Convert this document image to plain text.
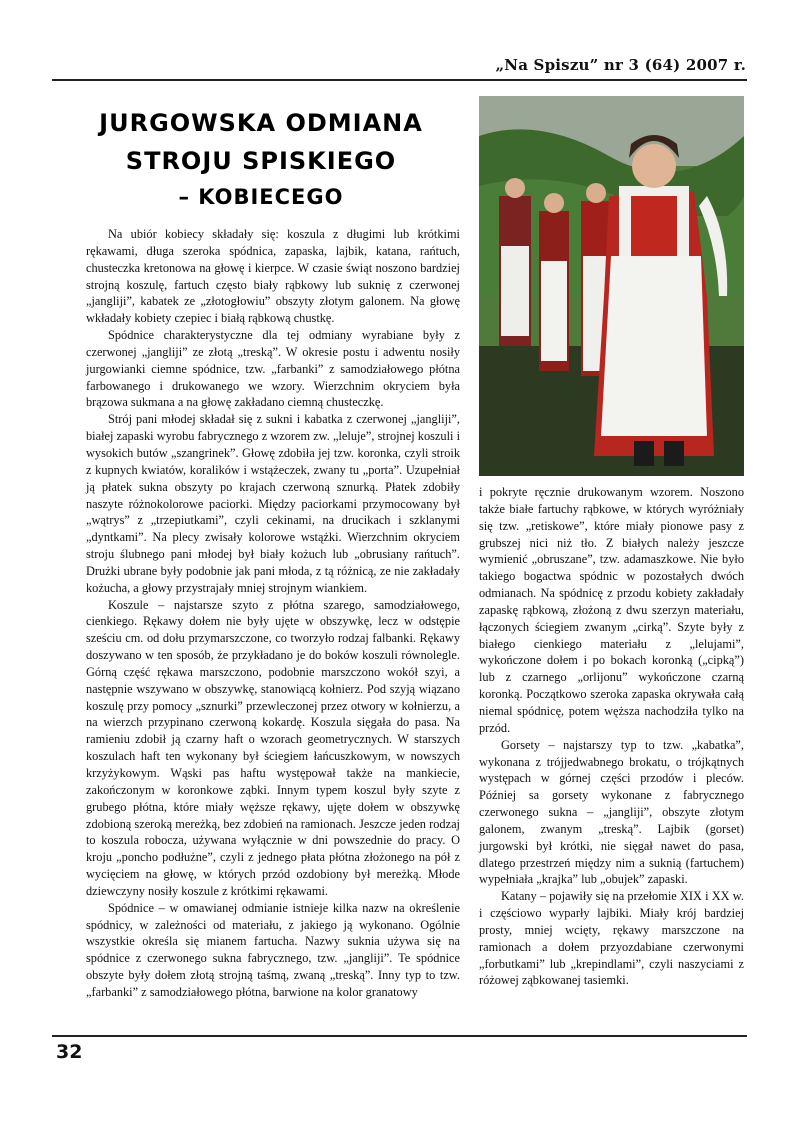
„Na Spiszu” nr 3 (64) 2007 r.
JURGOWSKA ODMIANA
STROJU SPISKIEGO
– KOBIECEGO

Na ubiór kobiecy składały się: koszula z długimi lub krótkimi rękawami, długa szeroka spódnica, zapaska, lajbik, katana, rańtuch, chusteczka kretonowa na głowę i kierpce. W czasie świąt noszono bardziej strojną koszulę, fartuch często biały rąbkowy lub suknię z czerwonej „jangliji”, kabatek ze „złotogłowiu” obszyty złotym galonem. Na głowę wkładały kobiety czepiec i białą rąbkową chustkę.

Spódnice charakterystyczne dla tej odmiany wyrabiane były z czerwonej „jangliji” ze złotą „treską”. W okresie postu i adwentu nosiły jurgowianki ciemne spódnice, tzw. „farbanki” z samodziałowego płótna farbowanego i drukowanego we wzory. Wierzchnim okryciem była brązowa sukmana a na głowę zakładano ciemną chusteczkę.

Strój pani młodej składał się z sukni i kabatka z czerwonej „jangliji”, białej zapaski wyrobu fabrycznego z wzorem zw. „leluje”, strojnej koszuli i wysokich butów „szangrinek”. Głowę zdobiła jej tzw. koronka, czyli stroik z kupnych kwiatów, koralików i wstążeczek, zwany tu „porta”. Uzupełniał ją płatek sukna obszyty po krajach czerwoną sznurką. Płatek zdobiły naszyte różnokolorowe paciorki. Między paciorkami przymocowany był „wątrys” z „trzepiutkami”, czyli cekinami, na drucikach i szklanymi „dyntkami”. Na plecy zwisały kolorowe wstążki. Wierzchnim okryciem stroju ślubnego pani młodej był biały kożuch lub „obrusiany rańtuch”. Drużki ubrane były podobnie jak pani młoda, z tą różnicą, ze nie zakładały kożucha, a głowy przystrajały mniej strojnym wiankiem.

Koszule – najstarsze szyto z płótna szarego, samodziałowego, cienkiego. Rękawy dołem nie były ujęte w obszywkę, lecz w odstępie sześciu cm. od dołu przymarszczone, co tworzyło rodzaj falbanki. Rękawy doszywano w ten sposób, że przykładano je do boków koszuli równolegle. Górną część rękawa marszczono, podobnie marszczono wokół szyi, a następnie wszywano w obszywkę, stanowiącą kołnierz. Pod szyją wiązano koszulę przy pomocy „sznurki” przewleczonej przez otwory w kołnierzu, a na wierzch przypinano czerwoną kokardę. Koszula sięgała do pasa. Na ramieniu zdobił ją czarny haft o wzorach geometrycznych. W starszych koszulach haft ten wykonany był ściegiem łańcuszkowym, w nowszych krzyżykowym. Wąski pas haftu występował także na mankiecie, zakończonym w koronkowe ząbki. Innym typem koszul były szyte z grubego płótna, które miały węższe rękawy, ujęte dołem w obszywkę zdobioną szeroką mereżką, bez zdobień na ramionach. Jeszcze jeden rodzaj to koszula robocza, używana wyłącznie w dni powszednie do pracy. O kroju „poncho podłużne”, czyli z jednego płata płótna złożonego na pół z wycięciem na głowę, w których przód ozdobiony był mereżką. Młode dziewczyny nosiły koszule z krótkimi rękawami.

Spódnice – w omawianej odmianie istnieje kilka nazw na określenie spódnicy, w zależności od materiału, z jakiego ją wykonano. Ogólnie wszystkie określa się mianem fartucha. Nazwy suknia używa się na spódnice z czerwonego sukna fabrycznego, tzw. „jangliji”. Te spódnice obszyte były dołem złotą strojną taśmą, zwaną „treską”. Inny typ to tzw. „farbanki” z samodziałowego płótna, barwione na kolor granatowy

i pokryte ręcznie drukowanym wzorem. Noszono także białe fartuchy rąbkowe, w których wyróżniały się tzw. „retiskowe”, które miały pionowe pasy z grubszej nici niż tło. Z białych należy jeszcze wymienić „obruszane”, tzw. adamaszkowe. Nie było takiego bogactwa spódnic w pozostałych dwóch odmianach. Na spódnicę z przodu kobiety zakładały zapaskę rąbkową, złożoną z dwu szerzyn materiału, łączonych ściegiem zwanym „cirką”. Szyte były z białego cienkiego materiału z „lelujami”, wykończone dołem i po bokach koronką („cipką”) lub z czarnego „orlijonu” wykończone czarną koronką. Początkowo szeroka zapaska okrywała całą niemal spódnicę, potem węższa nachodziła tylko na przód.

Gorsety – najstarszy typ to tzw. „kabatka”, wykonana z trójjedwabnego brokatu, o trójkątnych występach w górnej części przodów i pleców. Później sa gorsety wykonane z fabrycznego czerwonego sukna – „jangliji”, obszyte złotym galonem, zwanym „treską”. Lajbik (gorset) jurgowski był krótki, nie sięgał nawet do pasa, dlatego przestrzeń między nim a suknią (fartuchem) wypełniała „krajka” lub „obujek” zapaski.

Katany – pojawiły się na przełomie XIX i XX w. i częściowo wyparły lajbiki. Miały krój bardziej prosty, mniej wcięty, rękawy marszczone na ramionach a dołem przyozdabiane czerwonymi „forbutkami” lub „krepindlami”, czyli naszyciami z różowej ząbkowanej tasiemki.

32
